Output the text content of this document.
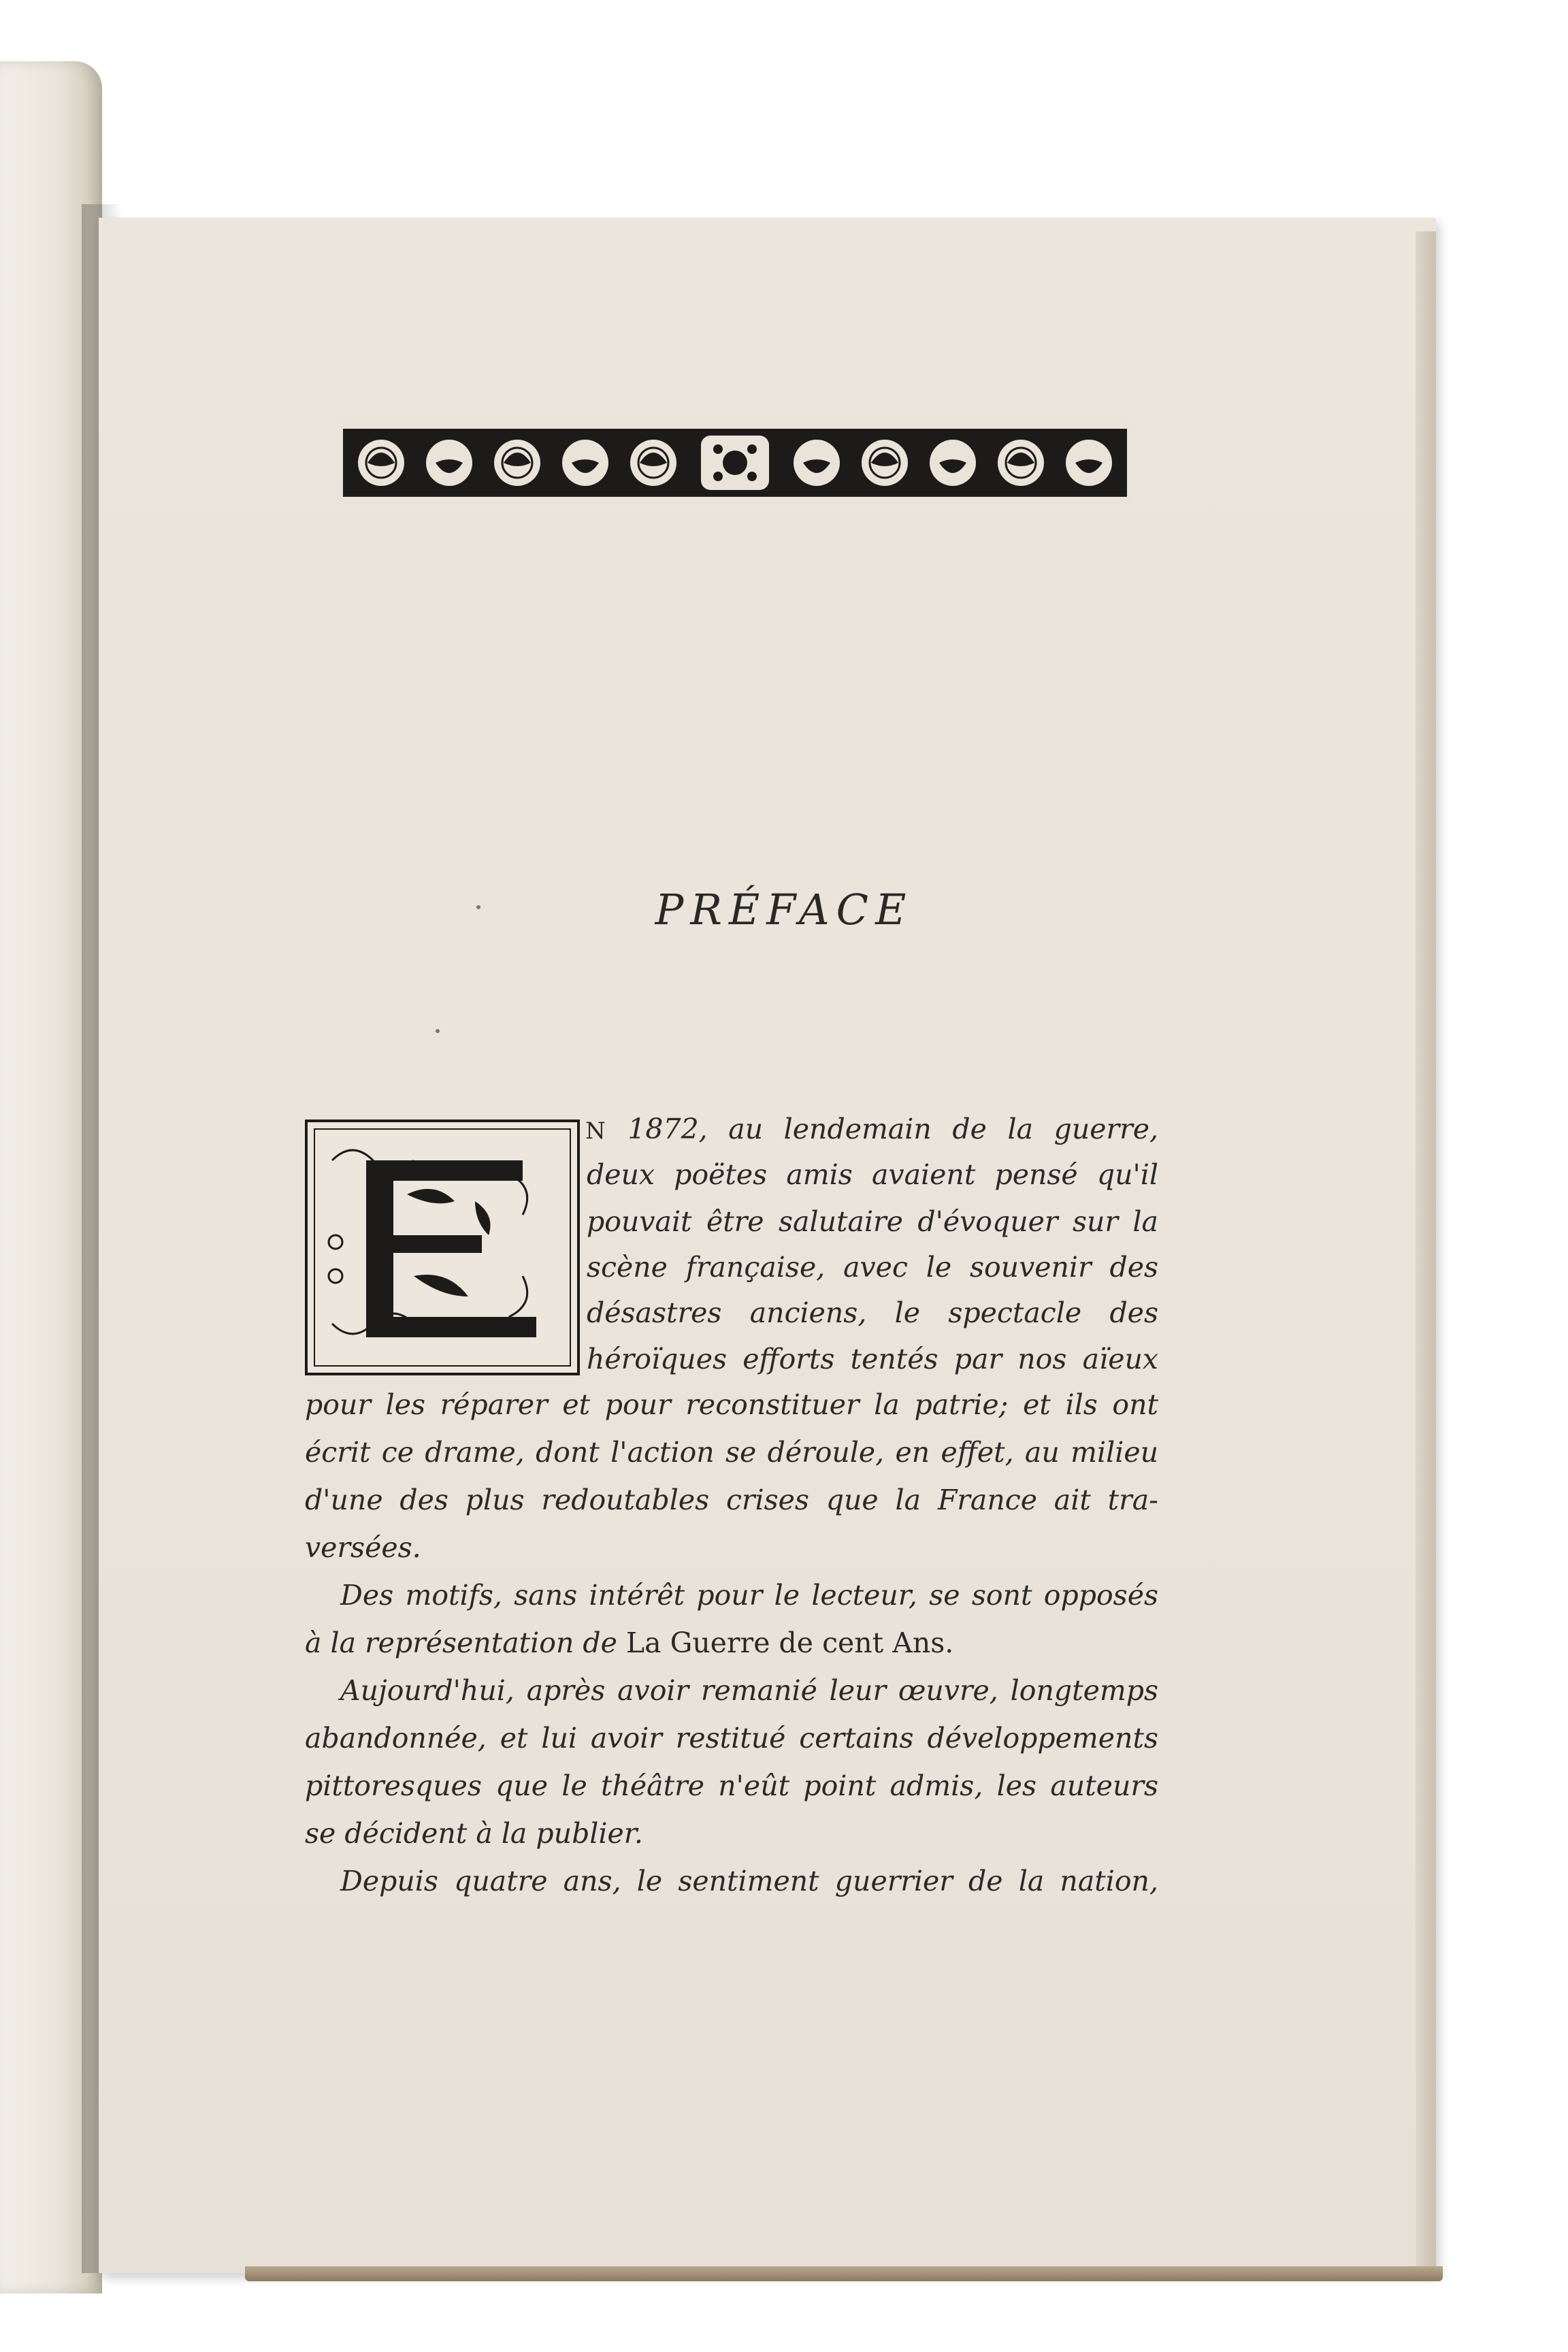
PRÉFACE
N 1872, au lendemain de la guerre,
deux poëtes amis avaient pensé qu'il
pouvait être salutaire d'évoquer sur la
scène française, avec le souvenir des
désastres anciens, le spectacle des
héroïques efforts tentés par nos aïeux
pour les réparer et pour reconstituer la patrie; et ils ont
écrit ce drame, dont l'action se déroule, en effet, au milieu
d'une des plus redoutables crises que la France ait tra-
versées.
Des motifs, sans intérêt pour le lecteur, se sont opposés
à la représentation de La Guerre de cent Ans.
Aujourd'hui, après avoir remanié leur œuvre, longtemps
abandonnée, et lui avoir restitué certains développements
pittoresques que le théâtre n'eût point admis, les auteurs
se décident à la publier.
Depuis quatre ans, le sentiment guerrier de la nation,
